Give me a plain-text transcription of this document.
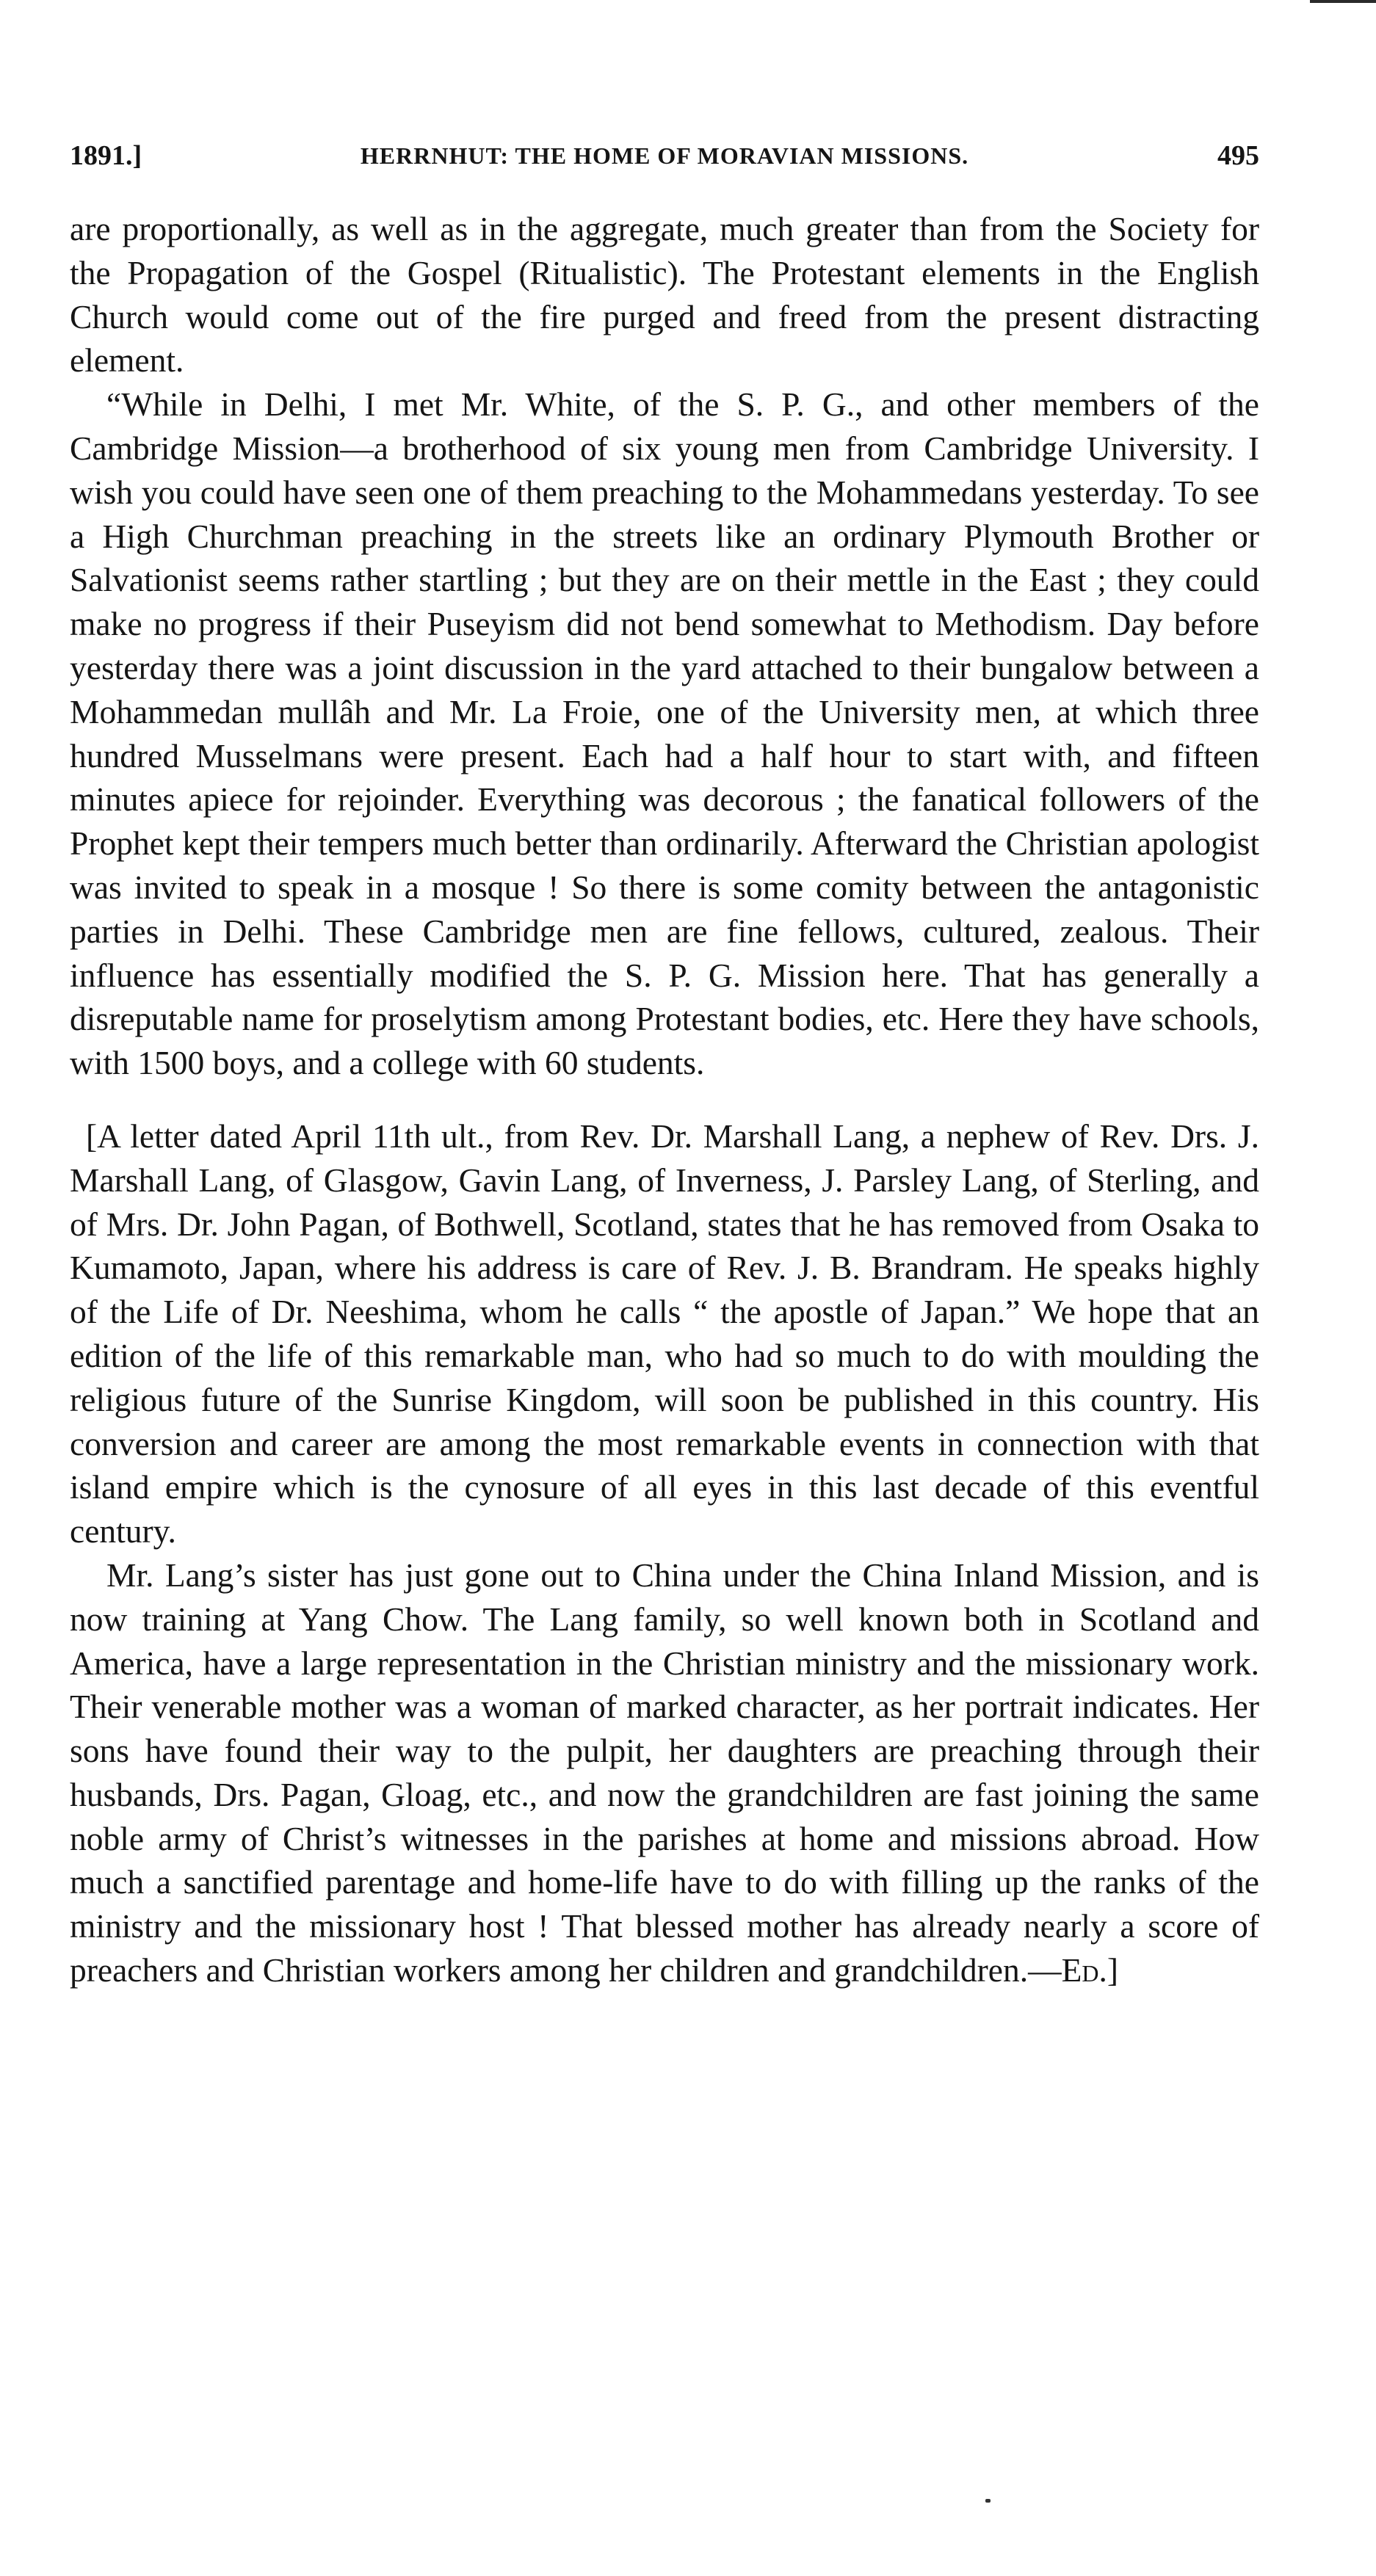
1891.]	HERRNHUT: THE HOME OF MORAVIAN MISSIONS.	495

are proportionally, as well as in the aggregate, much greater than from the Society for the Propagation of the Gospel (Ritualistic). The Protestant elements in the English Church would come out of the fire purged and freed from the present distracting element.

“While in Delhi, I met Mr. White, of the S. P. G., and other members of the Cambridge Mission—a brotherhood of six young men from Cambridge University. I wish you could have seen one of them preaching to the Mohammedans yesterday. To see a High Churchman preaching in the streets like an ordinary Plymouth Brother or Salvationist seems rather startling ; but they are on their mettle in the East ; they could make no progress if their Puseyism did not bend somewhat to Methodism. Day before yesterday there was a joint discussion in the yard attached to their bungalow between a Mohammedan mullâh and Mr. La Froie, one of the University men, at which three hundred Musselmans were present. Each had a half hour to start with, and fifteen minutes apiece for rejoinder. Everything was decorous ; the fanatical followers of the Prophet kept their tempers much better than ordinarily. Afterward the Christian apologist was invited to speak in a mosque ! So there is some comity between the antagonistic parties in Delhi. These Cambridge men are fine fellows, cultured, zealous. Their influence has essentially modified the S. P. G. Mission here. That has generally a disreputable name for proselytism among Protestant bodies, etc. Here they have schools, with 1500 boys, and a college with 60 students.

[A letter dated April 11th ult., from Rev. Dr. Marshall Lang, a nephew of Rev. Drs. J. Marshall Lang, of Glasgow, Gavin Lang, of Inverness, J. Parsley Lang, of Sterling, and of Mrs. Dr. John Pagan, of Bothwell, Scotland, states that he has removed from Osaka to Kumamoto, Japan, where his address is care of Rev. J. B. Brandram. He speaks highly of the Life of Dr. Neeshima, whom he calls “ the apostle of Japan.” We hope that an edition of the life of this remarkable man, who had so much to do with moulding the religious future of the Sunrise Kingdom, will soon be published in this country. His conversion and career are among the most remarkable events in connection with that island empire which is the cynosure of all eyes in this last decade of this eventful century.

Mr. Lang’s sister has just gone out to China under the China Inland Mission, and is now training at Yang Chow. The Lang family, so well known both in Scotland and America, have a large representation in the Christian ministry and the missionary work. Their venerable mother was a woman of marked character, as her portrait indicates. Her sons have found their way to the pulpit, her daughters are preaching through their husbands, Drs. Pagan, Gloag, etc., and now the grandchildren are fast joining the same noble army of Christ’s witnesses in the parishes at home and missions abroad. How much a sanctified parentage and home-life have to do with filling up the ranks of the ministry and the missionary host ! That blessed mother has already nearly a score of preachers and Christian workers among her children and grandchildren.—Ed.]
